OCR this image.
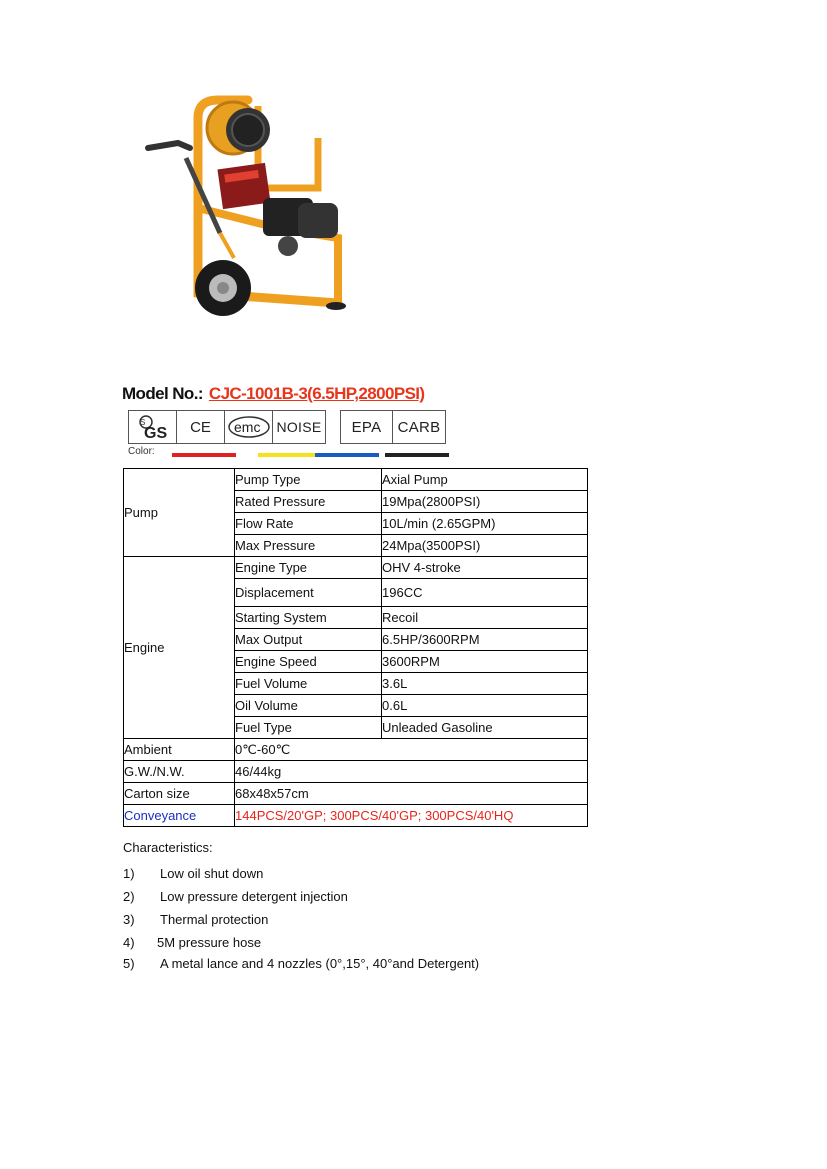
Model No.: CJC-1001B-3(6.5HP,2800PSI)
S
GS	CE	emc NOISE	EPA	CARB
Color:
Pump	Pump Type	Axial Pump
	Rated Pressure	19Mpa(2800PSI)
	Flow Rate	10L/min (2.65GPM)
	Max Pressure	24Mpa(3500PSI)
Engine	Engine Type	OHV 4-stroke
	Displacement	196CC
	Starting System	Recoil
	Max Output	6.5HP/3600RPM
	Engine Speed	3600RPM
	Fuel Volume	3.6L
	Oil Volume	0.6L
	Fuel Type	Unleaded Gasoline
Ambient	0℃-60℃	
G.W./N.W.	46/44kg	
Carton size	68x48x57cm	
Conveyance	144PCS/20'GP; 300PCS/40'GP; 300PCS/40'HQ	
Characteristics:
1)	Low oil shut down
2)	Low pressure detergent injection
3)	Thermal protection
4)	5M pressure hose
5)	A metal lance and 4 nozzles (0°,15°, 40°and Detergent)
